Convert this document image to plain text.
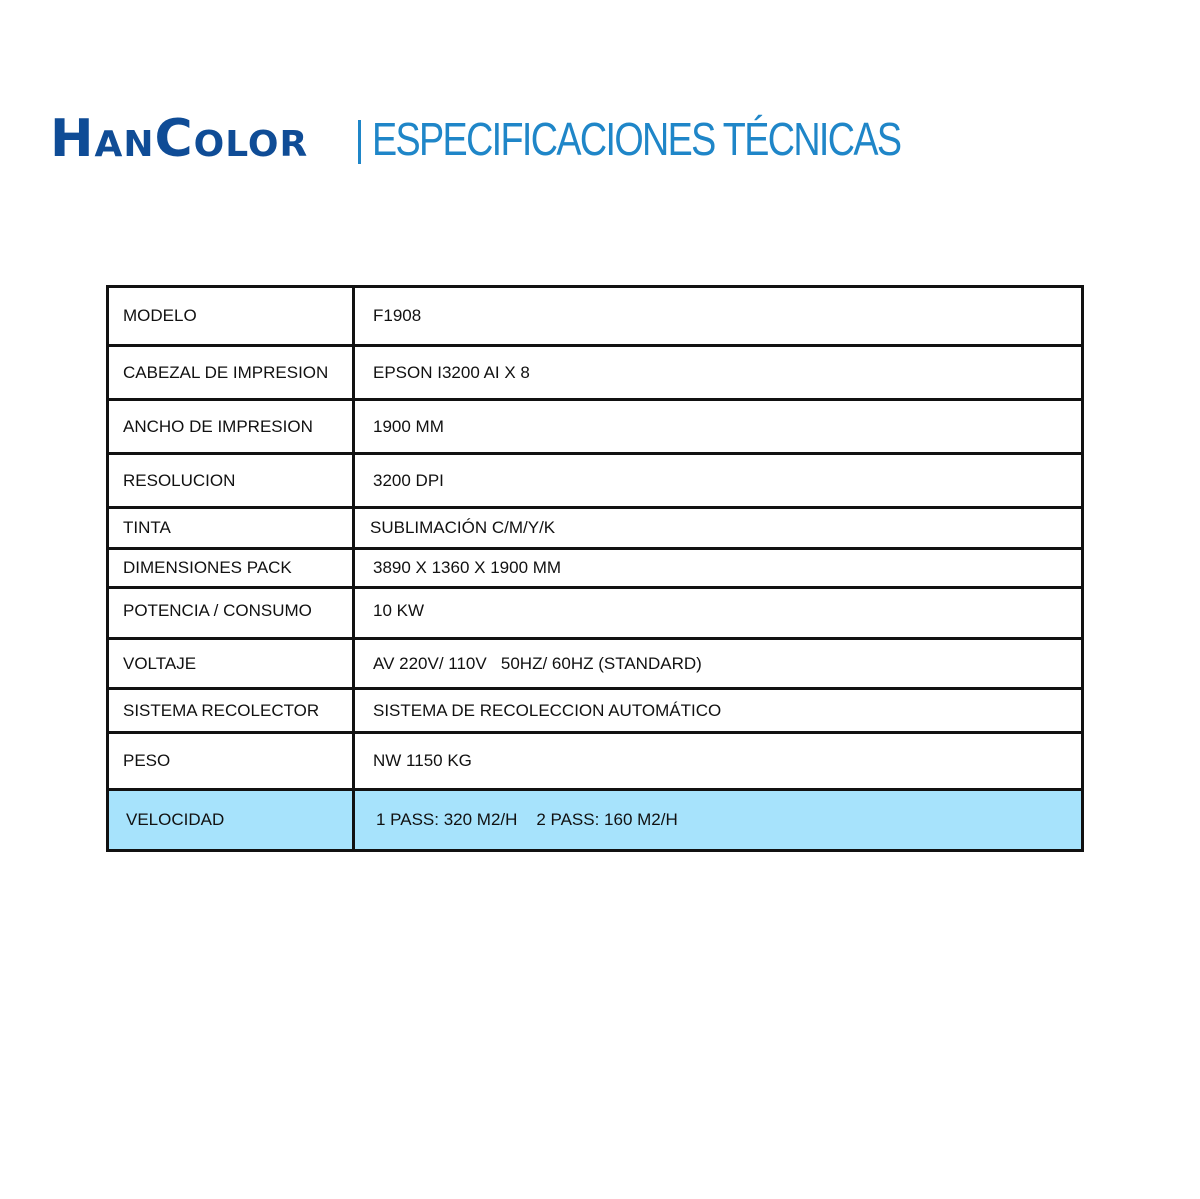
HanColor ESPECIFICACIONES TÉCNICAS
MODELO	F1908
CABEZAL DE IMPRESION	EPSON I3200 AI X 8
ANCHO DE IMPRESION	1900 MM
RESOLUCION	3200 DPI
TINTA	SUBLIMACIÓN C/M/Y/K
DIMENSIONES PACK	3890 X 1360 X 1900 MM
POTENCIA / CONSUMO	10 KW
VOLTAJE	AV 220V/ 110V   50HZ/ 60HZ (STANDARD)
SISTEMA RECOLECTOR	SISTEMA DE RECOLECCION AUTOMÁTICO
PESO	NW 1150 KG
VELOCIDAD	1 PASS: 320 M2/H    2 PASS: 160 M2/H
